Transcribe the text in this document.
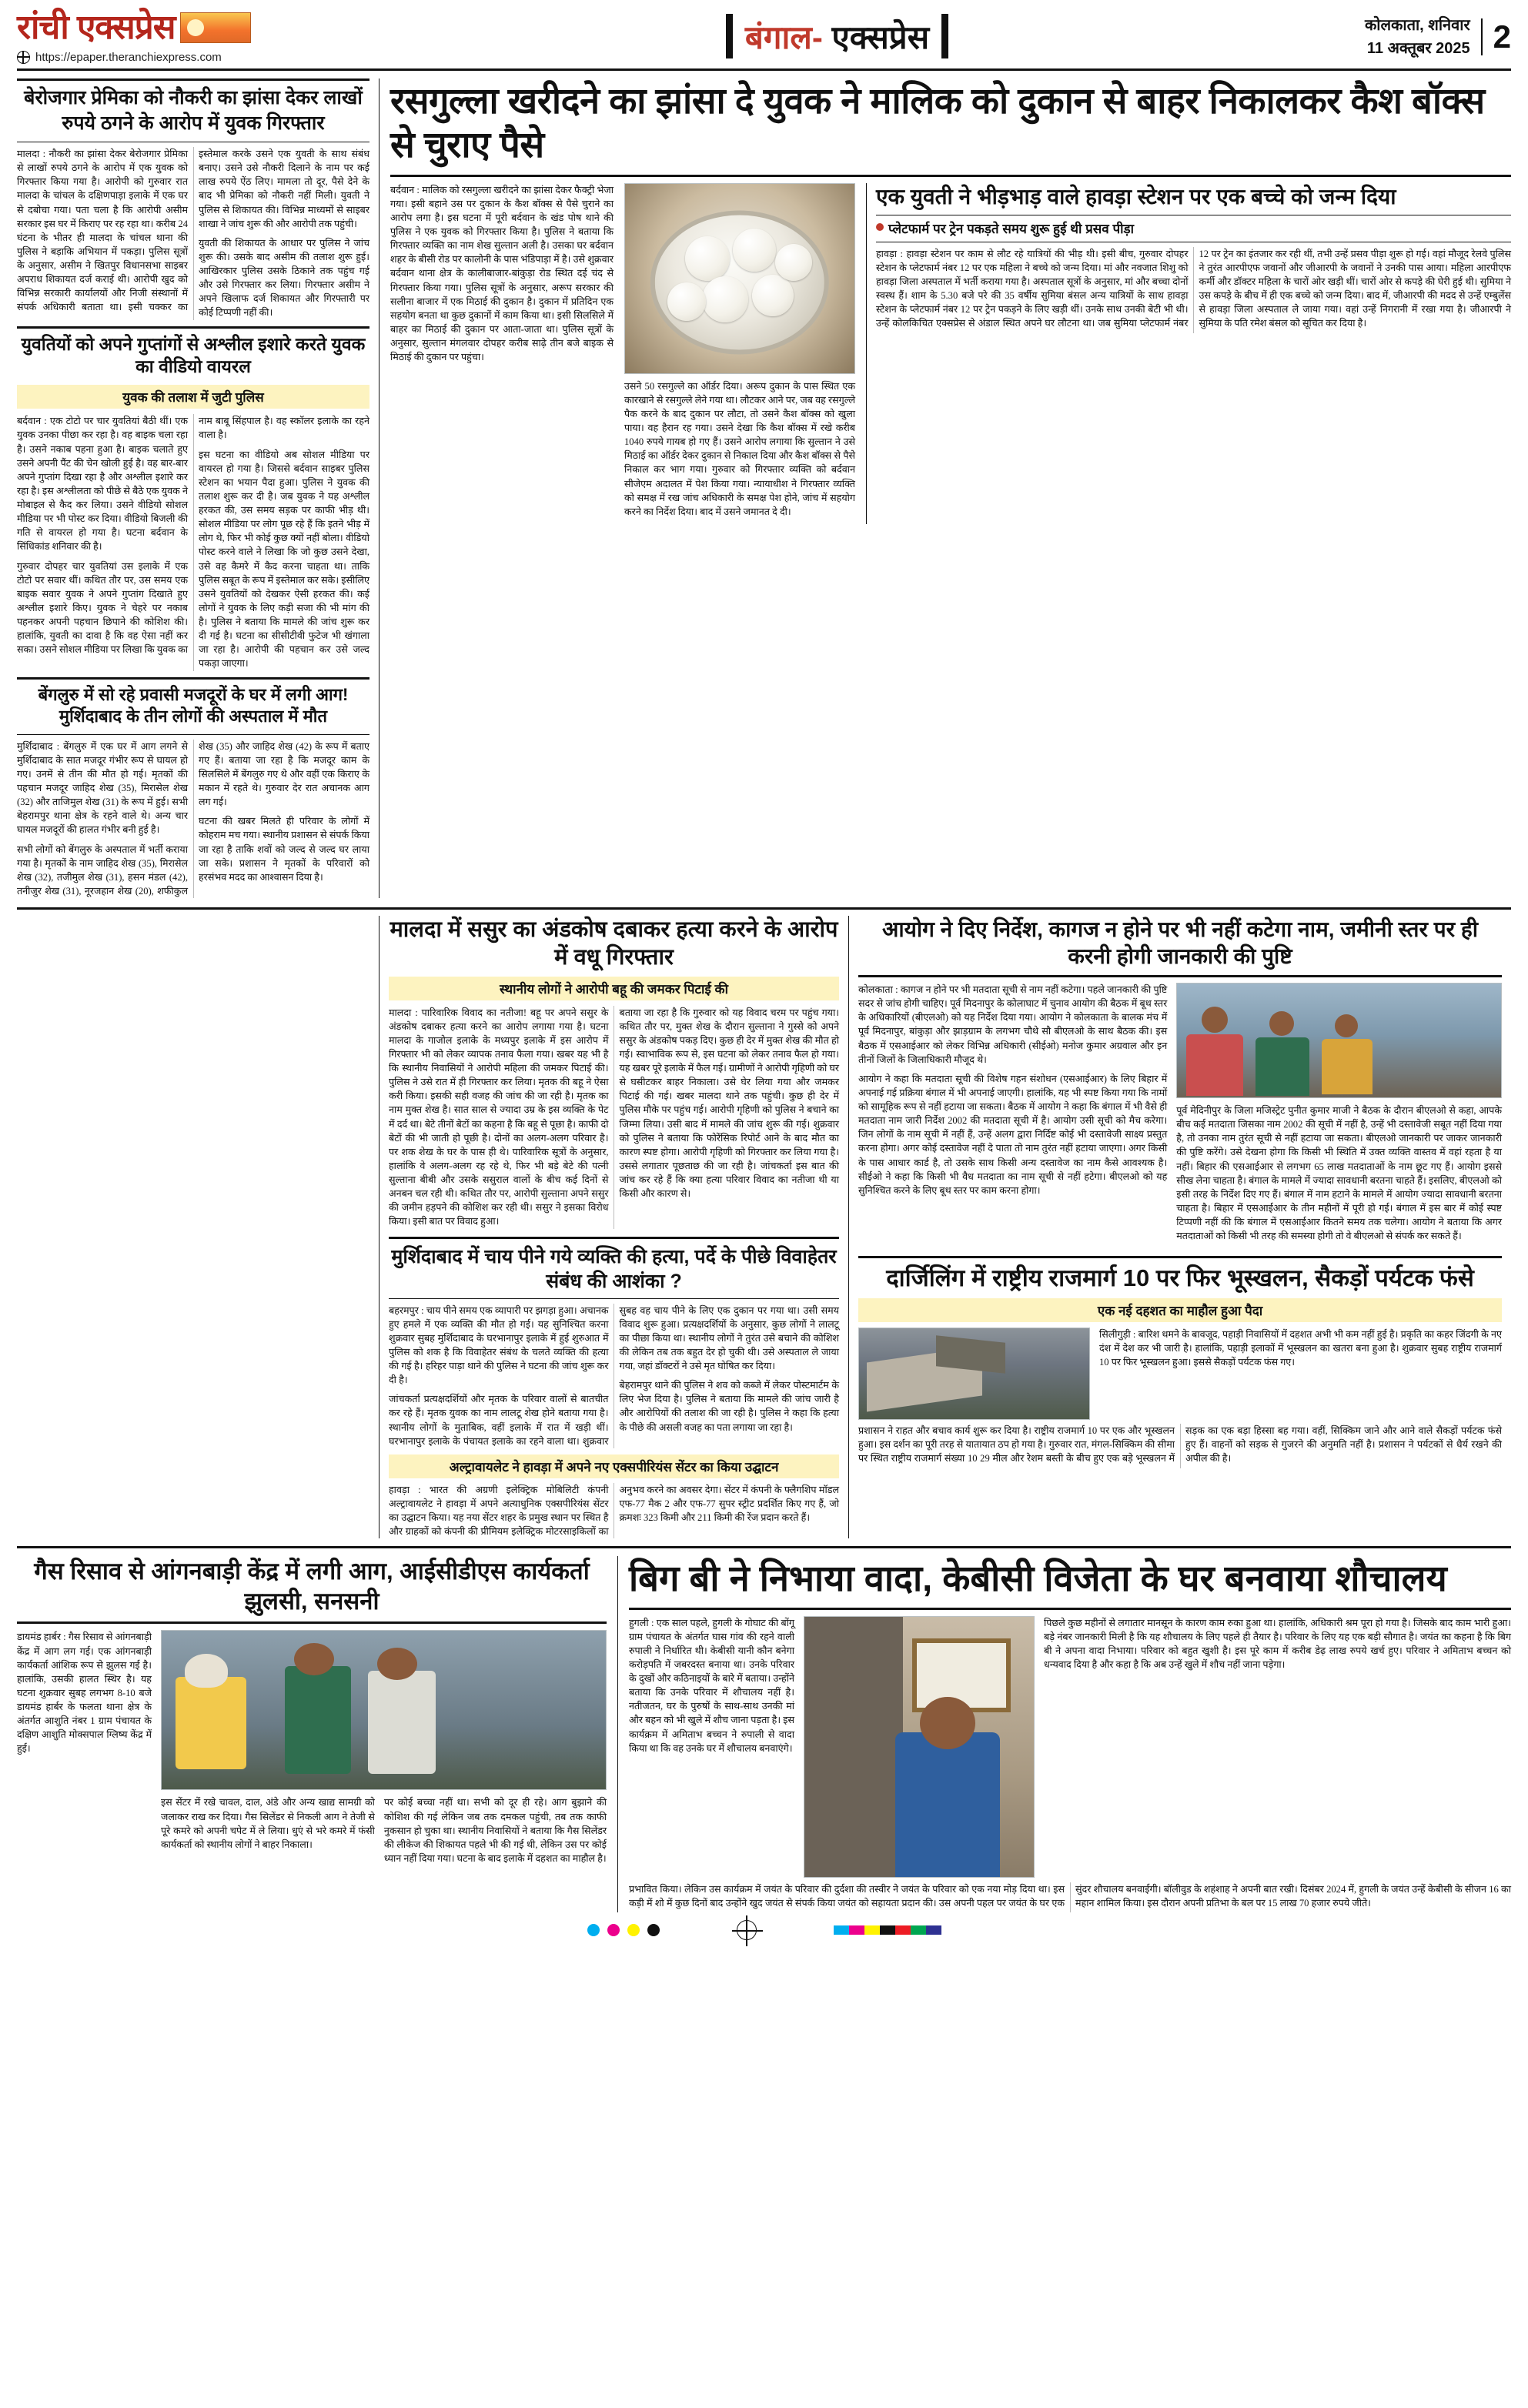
रांची एक्सप्रेस
https://epaper.theranchiexpress.com
बंगाल- एक्सप्रेस	कोलकाता, शनिवार
11 अक्तूबर 2025 2
बेरोजगार प्रेमिका को नौकरी का झांसा देकर लाखों रुपये ठगने के आरोप में युवक गिरफ्तार

मालदा : नौकरी का झांसा देकर बेरोजगार प्रेमिका से लाखों रुपये ठगने के आरोप में एक युवक को गिरफ्तार किया गया है। आरोपी को गुरुवार रात मालदा के चांचल के दक्षिणपाड़ा इलाके में एक घर से दबोचा गया। पता चला है कि आरोपी असीम सरकार इस घर में किराए पर रह रहा था। करीब 24 घंटना के भीतर ही मालदा के चांचल थाना की पुलिस ने बड़ाकि अभियान में पकड़ा। पुलिस सूत्रों के अनुसार, असीम ने खितपुर विधानसभा साइबर अपराध शिकायत दर्ज कराई थी। आरोपी खुद को विभिन्न सरकारी कार्यालयों और निजी संस्थानों में संपर्क अधिकारी बताता था। इसी चक्कर का इस्तेमाल करके उसने एक युवती के साथ संबंध बनाए। उसने उसे नौकरी दिलाने के नाम पर कई लाख रुपये ऐंठ लिए। मामला तो दूर, पैसे देने के बाद भी प्रेमिका को नौकरी नहीं मिली। युवती ने पुलिस से शिकायत की। विभिन्न माध्यमों से साइबर शाखा ने जांच शुरू की और आरोपी तक पहुंची।

युवती की शिकायत के आधार पर पुलिस ने जांच शुरू की। उसके बाद असीम की तलाश शुरू हुई। आखिरकार पुलिस उसके ठिकाने तक पहुंच गई और उसे गिरफ्तार कर लिया। गिरफ्तार असीम ने अपने खिलाफ दर्ज शिकायत और गिरफ्तारी पर कोई टिप्पणी नहीं की।

युवतियों को अपने गुप्तांगों से अश्लील इशारे करते युवक का वीडियो वायरल
युवक की तलाश में जुटी पुलिस

बर्दवान : एक टोटो पर चार युवतियां बैठी थीं। एक युवक उनका पीछा कर रहा है। वह बाइक चला रहा है। उसने नकाब पहना हुआ है। बाइक चलाते हुए उसने अपनी पैंट की चेन खोली हुई है। वह बार-बार अपने गुप्तांग दिखा रहा है और अश्लील इशारे कर रहा है। इस अश्लीलता को पीछे से बैठे एक युवक ने मोबाइल से कैद कर लिया। उसने वीडियो सोशल मीडिया पर भी पोस्ट कर दिया। वीडियो बिजली की गति से वायरल हो गया है। घटना बर्दवान के सिंधिकांड शनिवार की है।

गुरुवार दोपहर चार युवतियां उस इलाके में एक टोटो पर सवार थीं। कथित तौर पर, उस समय एक बाइक सवार युवक ने अपने गुप्तांग दिखाते हुए अश्लील इशारे किए। युवक ने चेहरे पर नकाब पहनकर अपनी पहचान छिपाने की कोशिश की। हालांकि, युवती का दावा है कि वह ऐसा नहीं कर सका। उसने सोशल मीडिया पर लिखा कि युवक का नाम बाबू सिंहपाल है। वह स्कॉलर इलाके का रहने वाला है।

इस घटना का वीडियो अब सोशल मीडिया पर वायरल हो गया है। जिससे बर्दवान साइबर पुलिस स्टेशन का भयान पैदा हुआ। पुलिस ने युवक की तलाश शुरू कर दी है। जब युवक ने यह अश्लील हरकत की, उस समय सड़क पर काफी भीड़ थी। सोशल मीडिया पर लोग पूछ रहे हैं कि इतने भीड़ में लोग थे, फिर भी कोई कुछ क्यों नहीं बोला। वीडियो पोस्ट करने वाले ने लिखा कि जो कुछ उसने देखा, उसे वह कैमरे में कैद करना चाहता था। ताकि पुलिस सबूत के रूप में इस्तेमाल कर सके। इसीलिए उसने युवतियों को देखकर ऐसी हरकत की। कई लोगों ने युवक के लिए कड़ी सजा की भी मांग की है। पुलिस ने बताया कि मामले की जांच शुरू कर दी गई है। घटना का सीसीटीवी फुटेज भी खंगाला जा रहा है। आरोपी की पहचान कर उसे जल्द पकड़ा जाएगा।

बेंगलुरु में सो रहे प्रवासी मजदूरों के घर में लगी आग! मुर्शिदाबाद के तीन लोगों की अस्पताल में मौत

मुर्शिदाबाद : बेंगलुरु में एक घर में आग लगने से मुर्शिदाबाद के सात मजदूर गंभीर रूप से घायल हो गए। उनमें से तीन की मौत हो गई। मृतकों की पहचान मजदूर जाहिद शेख (35), मिरासेल शेख (32) और ताजिमुल शेख (31) के रूप में हुई। सभी बेहरामपुर थाना क्षेत्र के रहने वाले थे। अन्य चार घायल मजदूरों की हालत गंभीर बनी हुई है।

सभी लोगों को बेंगलुरु के अस्पताल में भर्ती कराया गया है। मृतकों के नाम जाहिद शेख (35), मिरासेल शेख (32), तजीमुल शेख (31), हसन मंडल (42), तनीजुर शेख (31), नूरजहान शेख (20), शफीकुल शेख (35) और जाहिद शेख (42) के रूप में बताए गए हैं। बताया जा रहा है कि मजदूर काम के सिलसिले में बेंगलुरु गए थे और वहीं एक किराए के मकान में रहते थे। गुरुवार देर रात अचानक आग लग गई।

घटना की खबर मिलते ही परिवार के लोगों में कोहराम मच गया। स्थानीय प्रशासन से संपर्क किया जा रहा है ताकि शवों को जल्द से जल्द घर लाया जा सके। प्रशासन ने मृतकों के परिवारों को हरसंभव मदद का आश्वासन दिया है।

रसगुल्ला खरीदने का झांसा दे युवक ने मालिक को दुकान से बाहर निकालकर कैश बॉक्स से चुराए पैसे

बर्दवान : मालिक को रसगुल्ला खरीदने का झांसा देकर फैक्ट्री भेजा गया। इसी बहाने उस पर दुकान के कैश बॉक्स से पैसे चुराने का आरोप लगा है। इस घटना में पूरी बर्दवान के खंड पोष थाने की पुलिस ने एक युवक को गिरफ्तार किया है। पुलिस ने बताया कि गिरफ्तार व्यक्ति का नाम शेख सुल्तान अली है। उसका घर बर्दवान शहर के बीसी रोड पर कालोनी के पास भंडिपाड़ा में है। उसे शुक्रवार बर्दवान थाना क्षेत्र के कालीबाजार-बांकुड़ा रोड स्थित दई चंद से गिरफ्तार किया गया। पुलिस सूत्रों के अनुसार, अरूप सरकार की सलीना बाजार में एक मिठाई की दुकान है। दुकान में प्रतिदिन एक सहयोग बनता था कुछ दुकानों में काम किया था। इसी सिलसिले में बाहर का मिठाई की दुकान पर आता-जाता था। पुलिस सूत्रों के अनुसार, सुल्तान मंगलवार दोपहर करीब साढ़े तीन बजे बाइक से मिठाई की दुकान पर पहुंचा।

उसने 50 रसगुल्ले का ऑर्डर दिया। अरूप दुकान के पास स्थित एक कारखाने से रसगुल्ले लेने गया था। लौटकर आने पर, जब वह रसगुल्ले पैक करने के बाद दुकान पर लौटा, तो उसने कैश बॉक्स को खुला पाया। वह हैरान रह गया। उसने देखा कि कैश बॉक्स में रखे करीब 1040 रुपये गायब हो गए हैं। उसने आरोप लगाया कि सुल्तान ने उसे मिठाई का ऑर्डर देकर दुकान से निकाल दिया और कैश बॉक्स से पैसे निकाल कर भाग गया। गुरुवार को गिरफ्तार व्यक्ति को बर्दवान सीजेएम अदालत में पेश किया गया। न्यायाधीश ने गिरफ्तार व्यक्ति को समक्ष में रख जांच अधिकारी के समक्ष पेश होने, जांच में सहयोग करने का निर्देश दिया। बाद में उसने जमानत दे दी।

एक युवती ने भीड़भाड़ वाले हावड़ा स्टेशन पर एक बच्चे को जन्म दिया
प्लेटफार्म पर ट्रेन पकड़ते समय शुरू हुई थी प्रसव पीड़ा

हावड़ा : हावड़ा स्टेशन पर काम से लौट रहे यात्रियों की भीड़ थी। इसी बीच, गुरुवार दोपहर स्टेशन के प्लेटफार्म नंबर 12 पर एक महिला ने बच्चे को जन्म दिया। मां और नवजात शिशु को हावड़ा जिला अस्पताल में भर्ती कराया गया है। अस्पताल सूत्रों के अनुसार, मां और बच्चा दोनों स्वस्थ हैं। शाम के 5.30 बजे परे की 35 वर्षीय सुमिया बंसल अन्य यात्रियों के साथ हावड़ा स्टेशन के प्लेटफार्म नंबर 12 पर ट्रेन पकड़ने के लिए खड़ी थीं। उनके साथ उनकी बेटी भी थी। उन्हें कोलकिचित एक्सप्रेस से अंडाल स्थित अपने घर लौटना था। जब सुमिया प्लेटफार्म नंबर 12 पर ट्रेन का इंतजार कर रही थीं, तभी उन्हें प्रसव पीड़ा शुरू हो गई। वहां मौजूद रेलवे पुलिस ने तुरंत आरपीएफ जवानों और जीआरपी के जवानों ने उनकी पास आया। महिला आरपीएफ कर्मी और डॉक्टर महिला के चारों ओर खड़ी थीं। चारों ओर से कपड़े की घेरी हुई थी। सुमिया ने उस कपड़े के बीच में ही एक बच्चे को जन्म दिया। बाद में, जीआरपी की मदद से उन्हें एम्बुलेंस से हावड़ा जिला अस्पताल ले जाया गया। वहां उन्हें निगरानी में रखा गया है। जीआरपी ने सुमिया के पति रमेश बंसल को सूचित कर दिया है।

मालदा में ससुर का अंडकोष दबाकर हत्या करने के आरोप में वधू गिरफ्तार
स्थानीय लोगों ने आरोपी बहू की जमकर पिटाई की

मालदा : पारिवारिक विवाद का नतीजा! बहू पर अपने ससुर के अंडकोष दबाकर हत्या करने का आरोप लगाया गया है। घटना मालदा के गाजोल इलाके के मध्यपुर इलाके में इस आरोप में गिरफ्तार भी को लेकर व्यापक तनाव फैला गया। खबर यह भी है कि स्थानीय निवासियों ने आरोपी महिला की जमकर पिटाई की। पुलिस ने उसे रात में ही गिरफ्तार कर लिया। मृतक की बहू ने ऐसा करी किया। इसकी सही वजह की जांच की जा रही है। मृतक का नाम मुक्त शेख है। सात साल से ज्यादा उम्र के इस व्यक्ति के पेट में दर्द था। बेटे तीनों बेटों का कहना है कि बहू से पूछा है। काफी दो बेटों की भी जाती हो पूछी है। दोनों का अलग-अलग परिवार है। पर शक शेख के घर के पास ही थे। पारिवारिक सूत्रों के अनुसार, हालांकि वे अलग-अलग रह रहे थे, फिर भी बड़े बेटे की पत्नी सुल्ताना बीबी और उसके ससुराल वालों के बीच कई दिनों से अनबन चल रही थी। कथित तौर पर, आरोपी सुल्ताना अपने ससुर की जमीन हड़पने की कोशिश कर रही थी। ससुर ने इसका विरोध किया। इसी बात पर विवाद हुआ।

बताया जा रहा है कि गुरुवार को यह विवाद चरम पर पहुंच गया। कथित तौर पर, मुक्त शेख के दौरान सुल्ताना ने गुस्से को अपने ससुर के अंडकोष पकड़ दिए। कुछ ही देर में मुक्त शेख की मौत हो गई। स्वाभाविक रूप से, इस घटना को लेकर तनाव फैल हो गया। यह खबर पूरे इलाके में फैल गई। ग्रामीणों ने आरोपी गृहिणी को घर से घसीटकर बाहर निकाला। उसे घेर लिया गया और जमकर पिटाई की गई। खबर मालदा थाने तक पहुंची। कुछ ही देर में पुलिस मौके पर पहुंच गई। आरोपी गृहिणी को पुलिस ने बचाने का जिम्मा लिया। उसी बाद में मामले की जांच शुरू की गई। शुक्रवार को पुलिस ने बताया कि फोरेंसिक रिपोर्ट आने के बाद मौत का कारण स्पष्ट होगा। आरोपी गृहिणी को गिरफ्तार कर लिया गया है। उससे लगातार पूछताछ की जा रही है। जांचकर्ता इस बात की जांच कर रहे हैं कि क्या हत्या परिवार विवाद का नतीजा थी या किसी और कारण से।

मुर्शिदाबाद में चाय पीने गये व्यक्ति की हत्या, पर्दे के पीछे विवाहेतर संबंध की आशंका ?

बहरमपुर : चाय पीने समय एक व्यापारी पर झगड़ा हुआ। अचानक हुए हमले में एक व्यक्ति की मौत हो गई। यह सुनिश्चित करना शुक्रवार सुबह मुर्शिदाबाद के घरभानापुर इलाके में हुई शुरुआत में पुलिस को शक है कि विवाहेतर संबंध के चलते व्यक्ति की हत्या की गई है। हरिहर पाड़ा थाने की पुलिस ने घटना की जांच शुरू कर दी है।

जांचकर्ता प्रत्यक्षदर्शियों और मृतक के परिवार वालों से बातचीत कर रहे हैं। मृतक युवक का नाम लालटू शेख होने बताया गया है। स्थानीय लोगों के मुताबिक, वहीं इलाके में रात में खड़ी थीं। घरभानापुर इलाके के पंचायत इलाके का रहने वाला था। शुक्रवार सुबह वह चाय पीने के लिए एक दुकान पर गया था। उसी समय विवाद शुरू हुआ। प्रत्यक्षदर्शियों के अनुसार, कुछ लोगों ने लालटू का पीछा किया था। स्थानीय लोगों ने तुरंत उसे बचाने की कोशिश की लेकिन तब तक बहुत देर हो चुकी थी। उसे अस्पताल ले जाया गया, जहां डॉक्टरों ने उसे मृत घोषित कर दिया।

बेहरामपुर थाने की पुलिस ने शव को कब्जे में लेकर पोस्टमार्टम के लिए भेज दिया है। पुलिस ने बताया कि मामले की जांच जारी है और आरोपियों की तलाश की जा रही है। पुलिस ने कहा कि हत्या के पीछे की असली वजह का पता लगाया जा रहा है।

अल्ट्रावायलेट ने हावड़ा में अपने नए एक्सपीरियंस सेंटर का किया उद्घाटन

हावड़ा : भारत की अग्रणी इलेक्ट्रिक मोबिलिटी कंपनी अल्ट्रावायलेट ने हावड़ा में अपने अत्याधुनिक एक्सपीरियंस सेंटर का उद्घाटन किया। यह नया सेंटर शहर के प्रमुख स्थान पर स्थित है और ग्राहकों को कंपनी की प्रीमियम इलेक्ट्रिक मोटरसाइकिलों का अनुभव करने का अवसर देगा। सेंटर में कंपनी के फ्लैगशिप मॉडल एफ-77 मैक 2 और एफ-77 सुपर स्ट्रीट प्रदर्शित किए गए हैं, जो क्रमशः 323 किमी और 211 किमी की रेंज प्रदान करते हैं।

आयोग ने दिए निर्देश, कागज न होने पर भी नहीं कटेगा नाम, जमीनी स्तर पर ही करनी होगी जानकारी की पुष्टि

कोलकाता : कागज न होने पर भी मतदाता सूची से नाम नहीं कटेगा। पहले जानकारी की पुष्टि सदर से जांच होगी चाहिए। पूर्व मिदनापुर के कोलाघाट में चुनाव आयोग की बैठक में बूथ स्तर के अधिकारियों (बीएलओ) को यह निर्देश दिया गया। आयोग ने कोलकाता के बालक मंच में पूर्व मिदनापुर, बांकुड़ा और झाड़ग्राम के लगभग चौथे सौ बीएलओ के साथ बैठक की। इस बैठक में एसआईआर को लेकर विभिन्न अधिकारी (सीईओ) मनोज कुमार अग्रवाल और इन तीनों जिलों के जिलाधिकारी मौजूद थे।

आयोग ने कहा कि मतदाता सूची की विशेष गहन संशोधन (एसआईआर) के लिए बिहार में अपनाई गई प्रक्रिया बंगाल में भी अपनाई जाएगी। हालांकि, यह भी स्पष्ट किया गया कि नामों को सामूहिक रूप से नहीं हटाया जा सकता। बैठक में आयोग ने कहा कि बंगाल में भी वैसे ही मतदाता नाम जारी निर्देश 2002 की मतदाता सूची में है। आयोग उसी सूची को मैच करेगा। जिन लोगों के नाम सूची में नहीं हैं, उन्हें अलग द्वारा निर्दिष्ट कोई भी दस्तावेजी साक्ष्य प्रस्तुत करना होगा। अगर कोई दस्तावेज नहीं दे पाता तो नाम तुरंत नहीं हटाया जाएगा। अगर किसी के पास आधार कार्ड है, तो उसके साथ किसी अन्य दस्तावेज का नाम कैसे आवश्यक है। सीईओ ने कहा कि किसी भी वैध मतदाता का नाम सूची से नहीं हटेगा। बीएलओ को यह सुनिश्चित करने के लिए बूथ स्तर पर काम करना होगा।

पूर्व मेदिनीपुर के जिला मजिस्ट्रेट पुनीत कुमार माजी ने बैठक के दौरान बीएलओ से कहा, आपके बीच कई मतदाता जिसका नाम 2002 की सूची में नहीं है, उन्हें भी दस्तावेजी सबूत नहीं दिया गया है, तो उनका नाम तुरंत सूची से नहीं हटाया जा सकता। बीएलओ जानकारी पर जाकर जानकारी की पुष्टि करेंगे। उसे देखना होगा कि किसी भी स्थिति में उक्त व्यक्ति वास्तव में वहां रहता है या नहीं। बिहार की एसआईआर से लगभग 65 लाख मतदाताओं के नाम छूट गए हैं। आयोग इससे सीख लेना चाहता है। बंगाल के मामले में ज्यादा सावधानी बरतना चाहते हैं। इसलिए, बीएलओ को इसी तरह के निर्देश दिए गए हैं। बंगाल में नाम हटाने के मामले में आयोग ज्यादा सावधानी बरतना चाहता है। बिहार में एसआईआर के तीन महीनों में पूरी हो गई। बंगाल में इस बार में कोई स्पष्ट टिप्पणी नहीं की कि बंगाल में एसआईआर कितने समय तक चलेगा। आयोग ने बताया कि अगर मतदाताओं को किसी भी तरह की समस्या होगी तो वे बीएलओ से संपर्क कर सकते हैं।

दार्जिलिंग में राष्ट्रीय राजमार्ग 10 पर फिर भूस्खलन, सैकड़ों पर्यटक फंसे
एक नई दहशत का माहौल हुआ पैदा

सिलीगुड़ी : बारिश थमने के बावजूद, पहाड़ी निवासियों में दहशत अभी भी कम नहीं हुई है। प्रकृति का कहर जिंदगी के नए दंश में देश कर भी जारी है। हालांकि, पहाड़ी इलाकों में भूस्खलन का खतरा बना हुआ है। शुक्रवार सुबह राष्ट्रीय राजमार्ग 10 पर फिर भूस्खलन हुआ। इससे सैकड़ों पर्यटक फंस गए।

प्रशासन ने राहत और बचाव कार्य शुरू कर दिया है। राष्ट्रीय राजमार्ग 10 पर एक और भूस्खलन हुआ। इस दर्शन का पूरी तरह से यातायात ठप हो गया है। गुरुवार रात, मंगल-सिक्किम की सीमा पर स्थित राष्ट्रीय राजमार्ग संख्या 10 29 मील और रेशम बस्ती के बीच हुए एक बड़े भूस्खलन में सड़क का एक बड़ा हिस्सा बह गया। वहीं, सिक्किम जाने और आने वाले सैकड़ों पर्यटक फंसे हुए हैं। वाहनों को सड़क से गुजरने की अनुमति नहीं है। प्रशासन ने पर्यटकों से धैर्य रखने की अपील की है।

गैस रिसाव से आंगनबाड़ी केंद्र में लगी आग, आईसीडीएस कार्यकर्ता झुलसी, सनसनी

डायमंड हार्बर : गैस रिसाव से आंगनबाड़ी केंद्र में आग लग गई। एक आंगनबाड़ी कार्यकर्ता आंशिक रूप से झुलस गई है। हालांकि, उसकी हालत स्थिर है। यह घटना शुक्रवार सुबह लगभग 8-10 बजे डायमंड हार्बर के फलता थाना क्षेत्र के अंतर्गत आशुति नंबर 1 ग्राम पंचायत के दक्षिण आशुति मोक्सपाल ग्लिष्य केंद्र में हुई।

इस सेंटर में रखे चावल, दाल, अंडे और अन्य खाद्य सामग्री को जलाकर राख कर दिया। गैस सिलेंडर से निकली आग ने तेजी से पूरे कमरे को अपनी चपेट में ले लिया। धुएं से भरे कमरे में फंसी कार्यकर्ता को स्थानीय लोगों ने बाहर निकाला।

पर कोई बच्चा नहीं था। सभी को दूर ही रहे। आग बुझाने की कोशिश की गई लेकिन जब तक दमकल पहुंची, तब तक काफी नुकसान हो चुका था। स्थानीय निवासियों ने बताया कि गैस सिलेंडर की लीकेज की शिकायत पहले भी की गई थी, लेकिन उस पर कोई ध्यान नहीं दिया गया। घटना के बाद इलाके में दहशत का माहौल है।

बिग बी ने निभाया वादा, केबीसी विजेता के घर बनवाया शौचालय

हुगली : एक साल पहले, हुगली के गोघाट की बोंगू ग्राम पंचायत के अंतर्गत घास गांव की रहने वाली रुपाली ने निर्धारित थी। केबीसी यानी कौन बनेगा करोड़पति में जबरदस्त बनाया था। उनके परिवार के दुखों और कठिनाइयों के बारे में बताया। उन्होंने बताया कि उनके परिवार में शौचालय नहीं है। नतीजतन, घर के पुरुषों के साथ-साथ उनकी मां और बहन को भी खुले में शौच जाना पड़ता है। इस कार्यक्रम में अमिताभ बच्चन ने रुपाली से वादा किया था कि वह उनके घर में शौचालय बनवाएंगे।

पिछले कुछ महीनों से लगातार मानसून के कारण काम रुका हुआ था। हालांकि, अधिकारी श्रम पूरा हो गया है। जिसके बाद काम भारी हुआ। बड़े नंबर जानकारी मिली है कि यह शौचालय के लिए पहले ही तैयार है। परिवार के लिए यह एक बड़ी सौगात है। जयंत का कहना है कि बिग बी ने अपना वादा निभाया। परिवार को बहुत खुशी है। इस पूरे काम में करीब डेढ़ लाख रुपये खर्च हुए। परिवार ने अमिताभ बच्चन को धन्यवाद दिया है और कहा है कि अब उन्हें खुले में शौच नहीं जाना पड़ेगा।

प्रभावित किया। लेकिन उस कार्यक्रम में जयंत के परिवार की दुर्दशा की तस्वीर ने जयंत के परिवार को एक नया मोड़ दिया था। इस कड़ी में शो में कुछ दिनों बाद उन्होंने खुद जयंत से संपर्क किया जयंत को सहायता प्रदान की। उस अपनी पहल पर जयंत के घर एक सुंदर शौचालय बनवाईगी। बॉलीवुड के शहंशाह ने अपनी बात रखी। दिसंबर 2024 में, हुगली के जयंत उन्हें केबीसी के सीजन 16 का महान शामिल किया। इस दौरान अपनी प्रतिभा के बल पर 15 लाख 70 हजार रुपये जीते।
